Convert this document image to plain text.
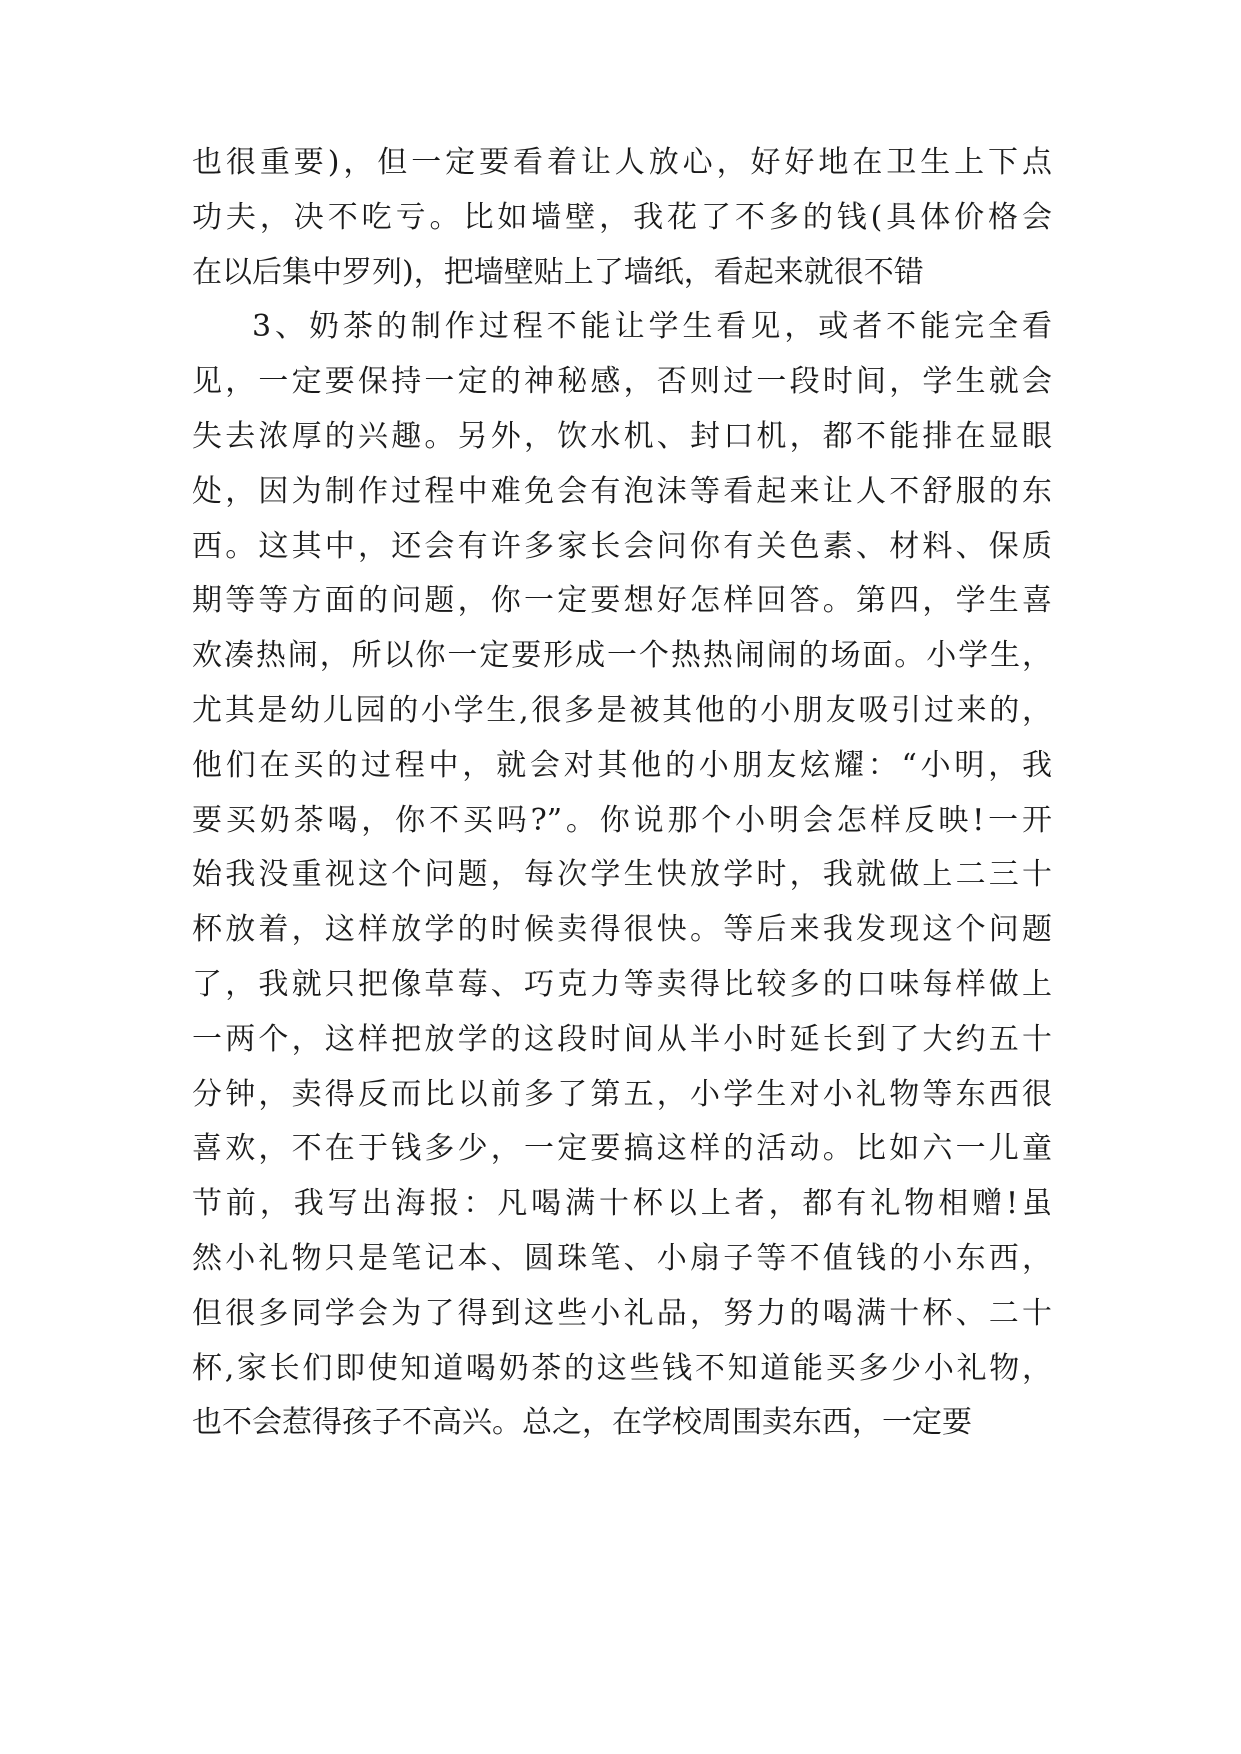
也很重要)，但一定要看着让人放心，好好地在卫生上下点
功夫，决不吃亏。比如墙壁，我花了不多的钱(具体价格会
在以后集中罗列)，把墙壁贴上了墙纸，看起来就很不错
3、奶茶的制作过程不能让学生看见，或者不能完全看
见，一定要保持一定的神秘感，否则过一段时间，学生就会
失去浓厚的兴趣。另外，饮水机、封口机，都不能排在显眼
处，因为制作过程中难免会有泡沫等看起来让人不舒服的东
西。这其中，还会有许多家长会问你有关色素、材料、保质
期等等方面的问题，你一定要想好怎样回答。第四，学生喜
欢凑热闹，所以你一定要形成一个热热闹闹的场面。小学生，
尤其是幼儿园的小学生,很多是被其他的小朋友吸引过来的，
他们在买的过程中，就会对其他的小朋友炫耀：“小明，我
要买奶茶喝，你不买吗?”。你说那个小明会怎样反映!一开
始我没重视这个问题，每次学生快放学时，我就做上二三十
杯放着，这样放学的时候卖得很快。等后来我发现这个问题
了，我就只把像草莓、巧克力等卖得比较多的口味每样做上
一两个，这样把放学的这段时间从半小时延长到了大约五十
分钟，卖得反而比以前多了第五，小学生对小礼物等东西很
喜欢，不在于钱多少，一定要搞这样的活动。比如六一儿童
节前，我写出海报：凡喝满十杯以上者，都有礼物相赠!虽
然小礼物只是笔记本、圆珠笔、小扇子等不值钱的小东西，
但很多同学会为了得到这些小礼品，努力的喝满十杯、二十
杯,家长们即使知道喝奶茶的这些钱不知道能买多少小礼物，
也不会惹得孩子不高兴。总之，在学校周围卖东西，一定要
